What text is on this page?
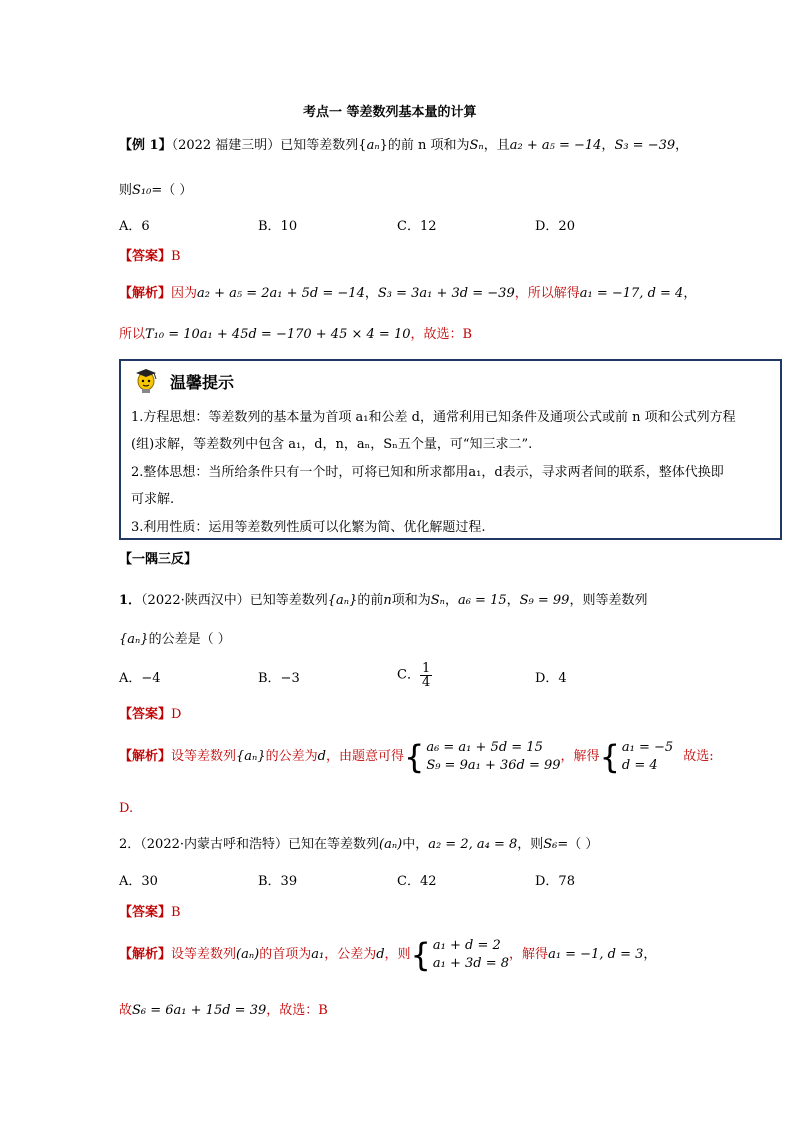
考点一 等差数列基本量的计算
【例 1】（2022 福建三明）已知等差数列{aₙ}的前 n 项和为Sₙ，且a₂ + a₅ = −14，S₃ = −39，
则S₁₀=（ ）
A．6	B．10	C．12	D．20
【答案】B
【解析】因为a₂ + a₅ = 2a₁ + 5d = −14，S₃ = 3a₁ + 3d = −39，所以解得a₁ = −17, d = 4，
所以T₁₀ = 10a₁ + 45d = −170 + 45 × 4 = 10，故选：B
温馨提示
1.方程思想：等差数列的基本量为首项 a₁和公差 d，通常利用已知条件及通项公式或前 n 项和公式列方程
(组)求解，等差数列中包含 a₁，d，n，aₙ，Sₙ五个量，可“知三求二”.
2.整体思想：当所给条件只有一个时，可将已知和所求都用a₁，d表示，寻求两者间的联系，整体代换即
可求解.
3.利用性质：运用等差数列性质可以化繁为简、优化解题过程.
【一隅三反】
1．（2022·陕西汉中）已知等差数列{aₙ}的前n项和为Sₙ，a₆ = 15，S₉ = 99，则等差数列
{aₙ}的公差是（ ）
A．−4	B．−3	C． $\frac{1}{4}$	D．4
【答案】D
【解析】设等差数列{aₙ}的公差为d，由题意可得{ a₆ = a₁ + 5d = 15
S₉ = 9a₁ + 36d = 99，解得{ a₁ = −5
d = 4故选:
D.
2．（2022·内蒙古呼和浩特）已知在等差数列(aₙ)中，a₂ = 2, a₄ = 8，则S₆=（ ）
A．30	B．39	C．42	D．78
【答案】B
【解析】设等差数列(aₙ)的首项为a₁，公差为d，则{ a₁ + d = 2
a₁ + 3d = 8，解得a₁ = −1, d = 3，
故S₆ = 6a₁ + 15d = 39，故选：B
